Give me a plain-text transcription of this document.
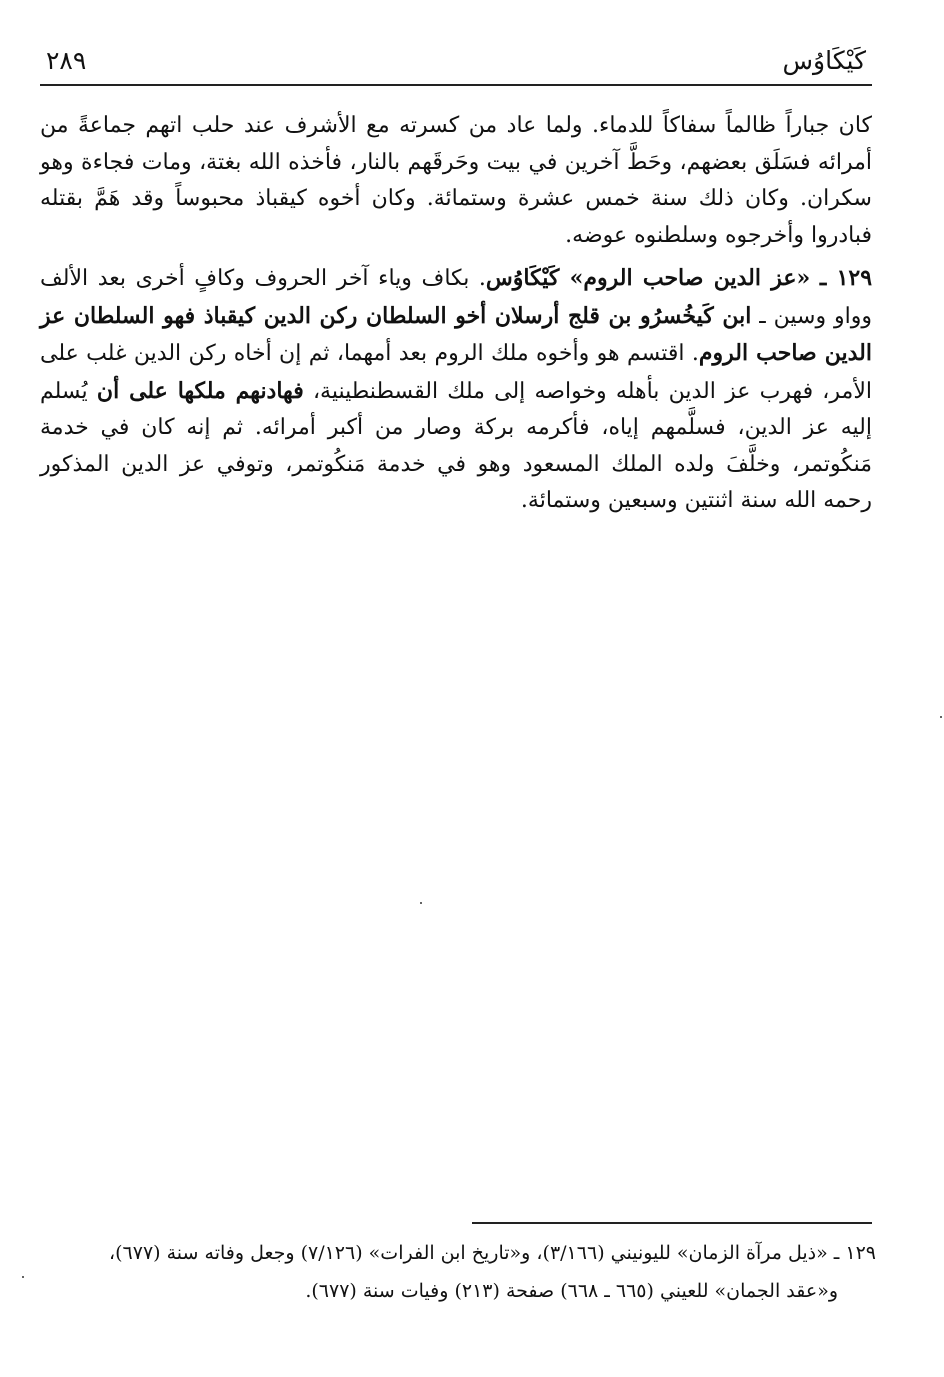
كَيْكَاوُس
٢٨٩

كان جباراً ظالماً سفاكاً للدماء. ولما عاد من كسرته مع الأشرف عند حلب اتهم جماعةً من أمرائه فسَلَق بعضهم، وحَطَّ آخرين في بيت وحَرقَهم بالنار، فأخذه الله بغتة، ومات فجاءة وهو سكران. وكان ذلك سنة خمس عشرة وستمائة. وكان أخوه كيقباذ محبوساً وقد هَمَّ بقتله فبادروا وأخرجوه وسلطنوه عوضه.

١٢٩ ـ «عز الدين صاحب الروم» كَيْكَاوُس. بكاف وياء آخر الحروف وكافٍ أخرى بعد الألف وواو وسين ـ ابن كَيخُسرُو بن قلج أرسلان أخو السلطان ركن الدين كيقباذ فهو السلطان عز الدين صاحب الروم. اقتسم هو وأخوه ملك الروم بعد أمهما، ثم إن أخاه ركن الدين غلب على الأمر، فهرب عز الدين بأهله وخواصه إلى ملك القسطنطينية، فهادنهم ملكها على أن يُسلم إليه عز الدين، فسلَّمهم إياه، فأكرمه بركة وصار من أكبر أمرائه. ثم إنه كان في خدمة مَنكُوتمر، وخلَّفَ ولده الملك المسعود وهو في خدمة مَنكُوتمر، وتوفي عز الدين المذكور رحمه الله سنة اثنتين وسبعين وستمائة.

١٢٩ ـ «ذيل مرآة الزمان» لليونيني (٣/١٦٦)، و«تاريخ ابن الفرات» (٧/١٢٦) وجعل وفاته سنة (٦٧٧)،

و«عقد الجمان» للعيني (٦٦٥ ـ ٦٦٨) صفحة (٢١٣) وفيات سنة (٦٧٧).
